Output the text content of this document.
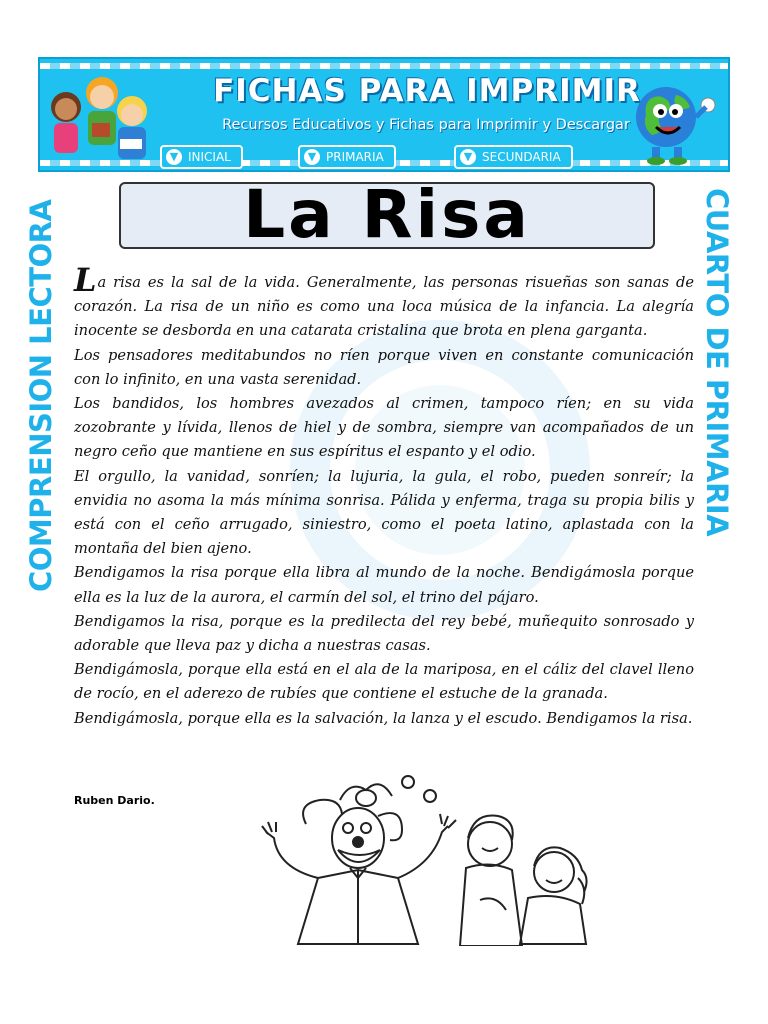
FICHAS PARA IMPRIMIR
Recursos Educativos y Fichas para Imprimir y Descargar
▼ INICIAL	▼ PRIMARIA	▼ SECUNDARIA
COMPRENSION LECTORA	CUARTO DE PRIMARIA
La Risa

La risa es la sal de la vida. Generalmente, las personas risueñas son sanas de corazón. La risa de un niño es como una loca música de la infancia. La alegría inocente se desborda en una catarata cristalina que brota en plena garganta.

Los pensadores meditabundos no ríen porque viven en constante comunicación con lo infinito, en una vasta serenidad.

Los bandidos, los hombres avezados al crimen, tampoco ríen; en su vida zozobrante y lívida, llenos de hiel y de sombra, siempre van acompañados de un negro ceño que mantiene en sus espíritus el espanto y el odio.

El orgullo, la vanidad, sonríen; la lujuria, la gula, el robo, pueden sonreír; la envidia no asoma la más mínima sonrisa. Pálida y enferma, traga su propia bilis y está con el ceño arrugado, siniestro, como el poeta latino, aplastada con la montaña del bien ajeno.

Bendigamos la risa porque ella libra al mundo de la noche. Bendigámosla porque ella es la luz de la aurora, el carmín del sol, el trino del pájaro.

Bendigamos la risa, porque es la predilecta del rey bebé, muñequito sonrosado y adorable que lleva paz y dicha a nuestras casas.

Bendigámosla, porque ella está en el ala de la mariposa, en el cáliz del clavel lleno de rocío, en el aderezo de rubíes que contiene el estuche de la granada.

Bendigámosla, porque ella es la salvación, la lanza y el escudo. Bendigamos la risa.

Ruben Dario.
